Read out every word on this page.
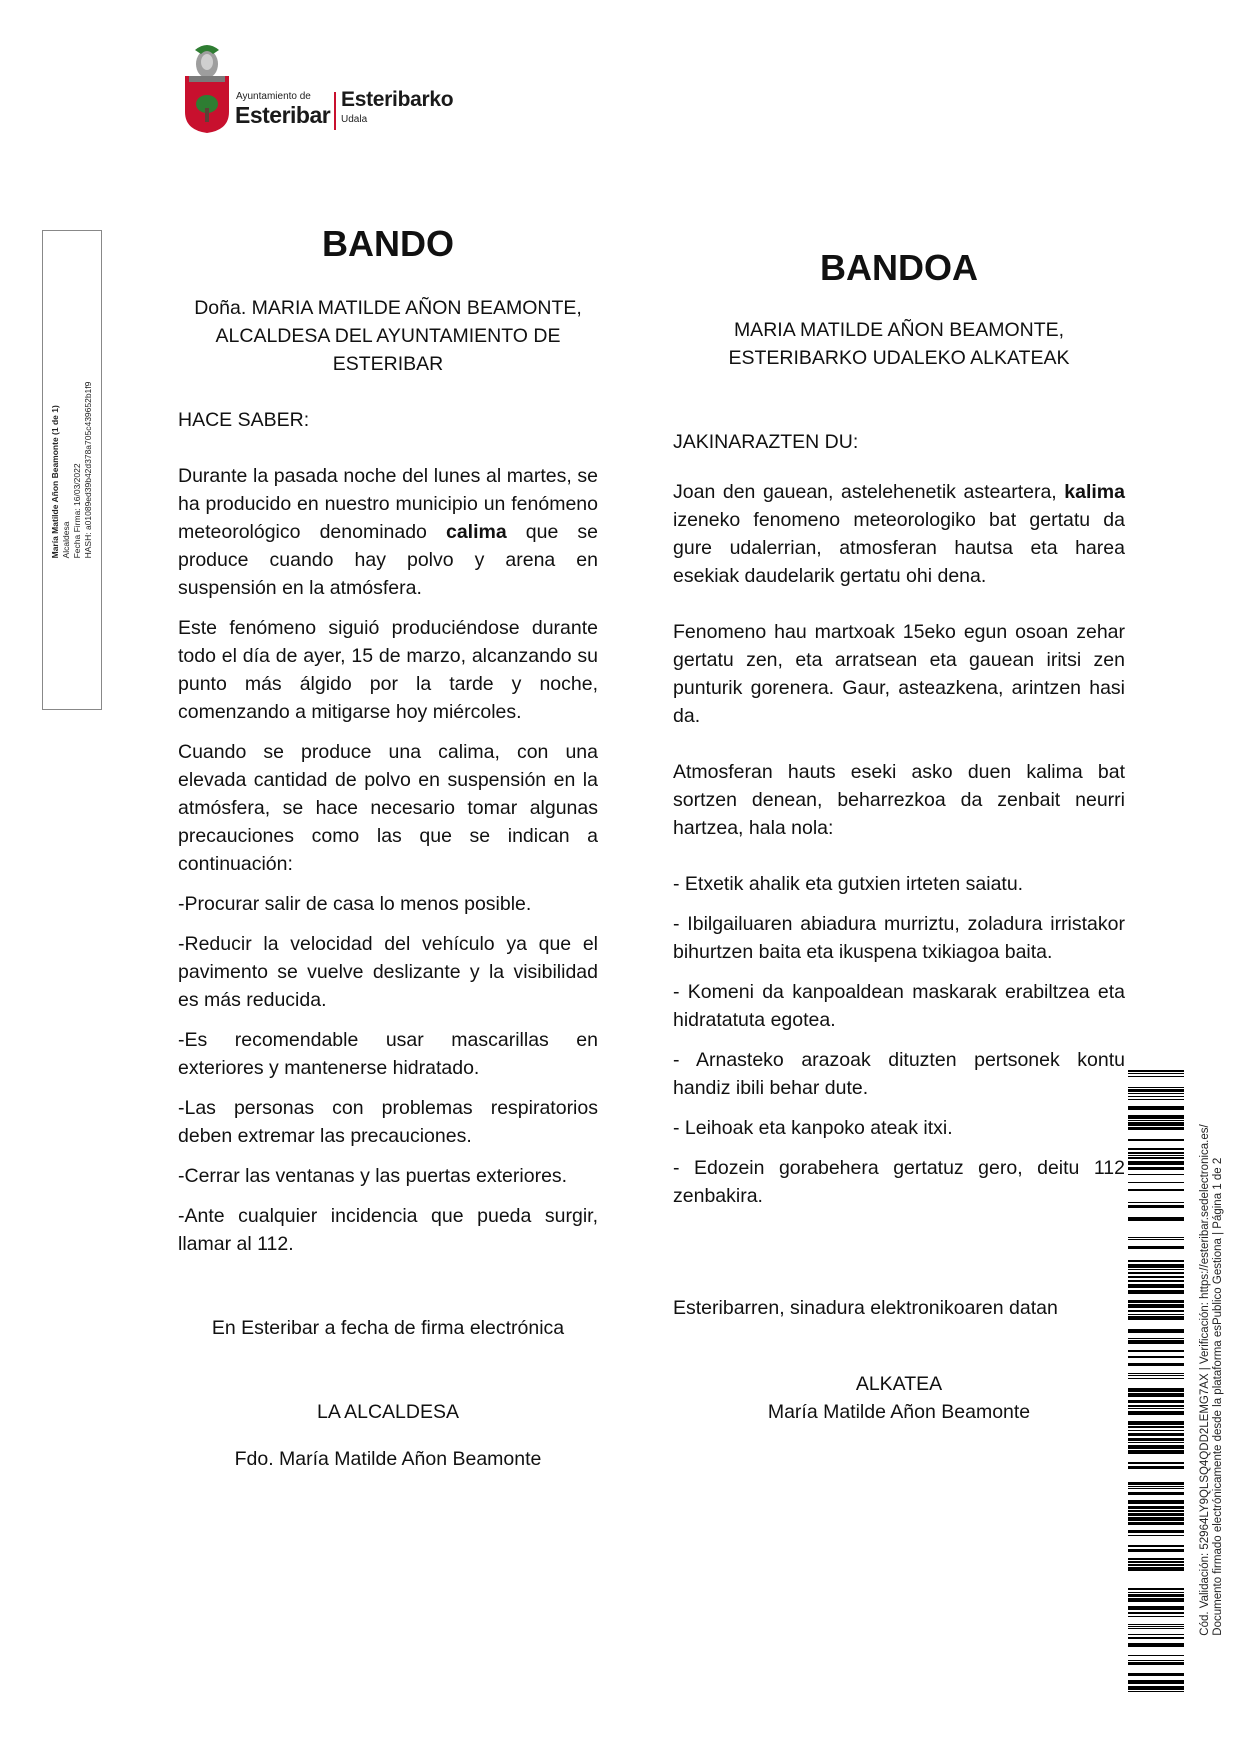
Ayuntamiento de
Esteribar
Esteribarko
Udala
María Matilde Añon Beamonte (1 de 1) Alcaldesa Fecha Firma: 16/03/2022 HASH: a01089ed39b42d378a705c439652b1f9

BANDO

Doña. MARIA MATILDE AÑON BEAMONTE,

ALCALDESA DEL AYUNTAMIENTO DE

ESTERIBAR

HACE SABER:

Durante la pasada noche del lunes al martes, se ha producido en nuestro municipio un fenómeno meteorológico denominado calima que se produce cuando hay polvo y arena en suspensión en la atmósfera.

Este fenómeno siguió produciéndose durante todo el día de ayer, 15 de marzo, alcanzando su punto más álgido por la tarde y noche, comenzando a mitigarse hoy miércoles.

Cuando se produce una calima, con una elevada cantidad de polvo en suspensión en la atmósfera, se hace necesario tomar algunas precauciones como las que se indican a continuación:

-Procurar salir de casa lo menos posible.

-Reducir la velocidad del vehículo ya que el pavimento se vuelve deslizante y la visibilidad es más reducida.

-Es recomendable usar mascarillas en exteriores y mantenerse hidratado.

-Las personas con problemas respiratorios deben extremar las precauciones.

-Cerrar las ventanas y las puertas exteriores.

-Ante cualquier incidencia que pueda surgir, llamar al 112.

En Esteribar a fecha de firma electrónica

LA ALCALDESA

Fdo. María Matilde Añon Beamonte

BANDOA

MARIA MATILDE AÑON BEAMONTE,

ESTERIBARKO UDALEKO ALKATEAK

JAKINARAZTEN DU:

Joan den gauean, astelehenetik asteartera, kalima izeneko fenomeno meteorologiko bat gertatu da gure udalerrian, atmosferan hautsa eta harea esekiak daudelarik gertatu ohi dena.

Fenomeno hau martxoak 15eko egun osoan zehar gertatu zen, eta arratsean eta gauean iritsi zen punturik gorenera. Gaur, asteazkena, arintzen hasi da.

Atmosferan hauts eseki asko duen kalima bat sortzen denean, beharrezkoa da zenbait neurri hartzea, hala nola:

- Etxetik ahalik eta gutxien irteten saiatu.

- Ibilgailuaren abiadura murriztu, zoladura irristakor bihurtzen baita eta ikuspena txikiagoa baita.

- Komeni da kanpoaldean maskarak erabiltzea eta hidratatuta egotea.

- Arnasteko arazoak dituzten pertsonek kontu handiz ibili behar dute.

- Leihoak eta kanpoko ateak itxi.

- Edozein gorabehera gertatuz gero, deitu 112 zenbakira.

Esteribarren, sinadura elektronikoaren datan

ALKATEA

María Matilde Añon Beamonte	Cód. Validación: 52964LY9QLSQ4QDD2LEMG7AX | Verificación: https://esteribar.sedelectronica.es/ Documento firmado electrónicamente desde la plataforma esPublico Gestiona | Página 1 de 2
